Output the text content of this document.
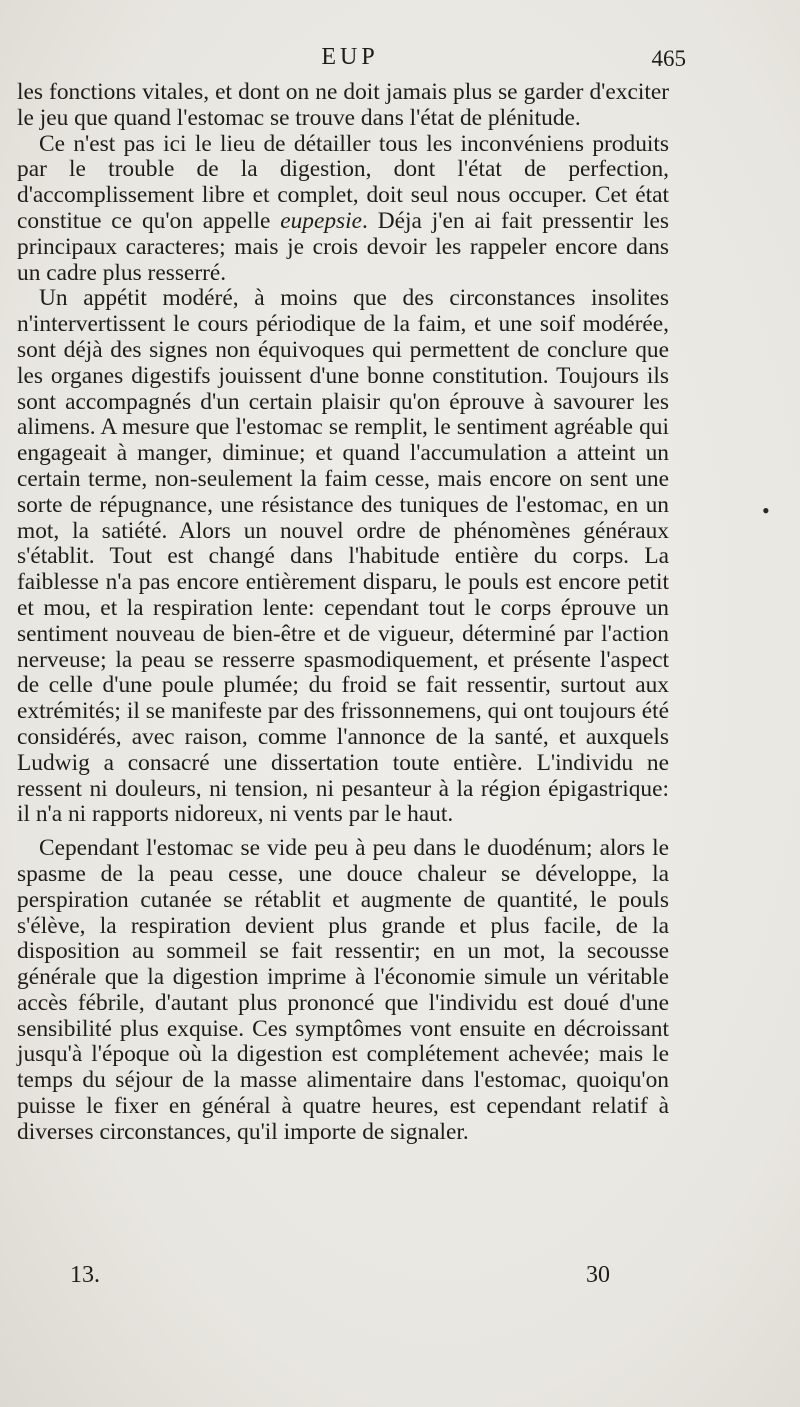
EUP	465

les fonctions vitales, et dont on ne doit jamais plus se garder d'exciter le jeu que quand l'estomac se trouve dans l'état de plénitude.

Ce n'est pas ici le lieu de détailler tous les inconvéniens produits par le trouble de la digestion, dont l'état de perfection, d'accomplissement libre et complet, doit seul nous occuper. Cet état constitue ce qu'on appelle eupepsie. Déja j'en ai fait pressentir les principaux caracteres; mais je crois devoir les rappeler encore dans un cadre plus resserré.

Un appétit modéré, à moins que des circonstances insolites n'intervertissent le cours périodique de la faim, et une soif modérée, sont déjà des signes non équivoques qui permettent de conclure que les organes digestifs jouissent d'une bonne constitution. Toujours ils sont accompagnés d'un certain plaisir qu'on éprouve à savourer les alimens. A mesure que l'estomac se remplit, le sentiment agréable qui engageait à manger, diminue; et quand l'accumulation a atteint un certain terme, non-seulement la faim cesse, mais encore on sent une sorte de répugnance, une résistance des tuniques de l'estomac, en un mot, la satiété. Alors un nouvel ordre de phénomènes généraux s'établit. Tout est changé dans l'habitude entière du corps. La faiblesse n'a pas encore entièrement disparu, le pouls est encore petit et mou, et la respiration lente: cependant tout le corps éprouve un sentiment nouveau de bien-être et de vigueur, déterminé par l'action nerveuse; la peau se resserre spasmodiquement, et présente l'aspect de celle d'une poule plumée; du froid se fait ressentir, surtout aux extrémités; il se manifeste par des frissonnemens, qui ont toujours été considérés, avec raison, comme l'annonce de la santé, et auxquels Ludwig a consacré une dissertation toute entière. L'individu ne ressent ni douleurs, ni tension, ni pesanteur à la région épigastrique: il n'a ni rapports nidoreux, ni vents par le haut.

Cependant l'estomac se vide peu à peu dans le duodénum; alors le spasme de la peau cesse, une douce chaleur se développe, la perspiration cutanée se rétablit et augmente de quantité, le pouls s'élève, la respiration devient plus grande et plus facile, de la disposition au sommeil se fait ressentir; en un mot, la secousse générale que la digestion imprime à l'économie simule un véritable accès fébrile, d'autant plus prononcé que l'individu est doué d'une sensibilité plus exquise. Ces symptômes vont ensuite en décroissant jusqu'à l'époque où la digestion est complétement achevée; mais le temps du séjour de la masse alimentaire dans l'estomac, quoiqu'on puisse le fixer en général à quatre heures, est cependant relatif à diverses circonstances, qu'il importe de signaler.

•
13.	30
